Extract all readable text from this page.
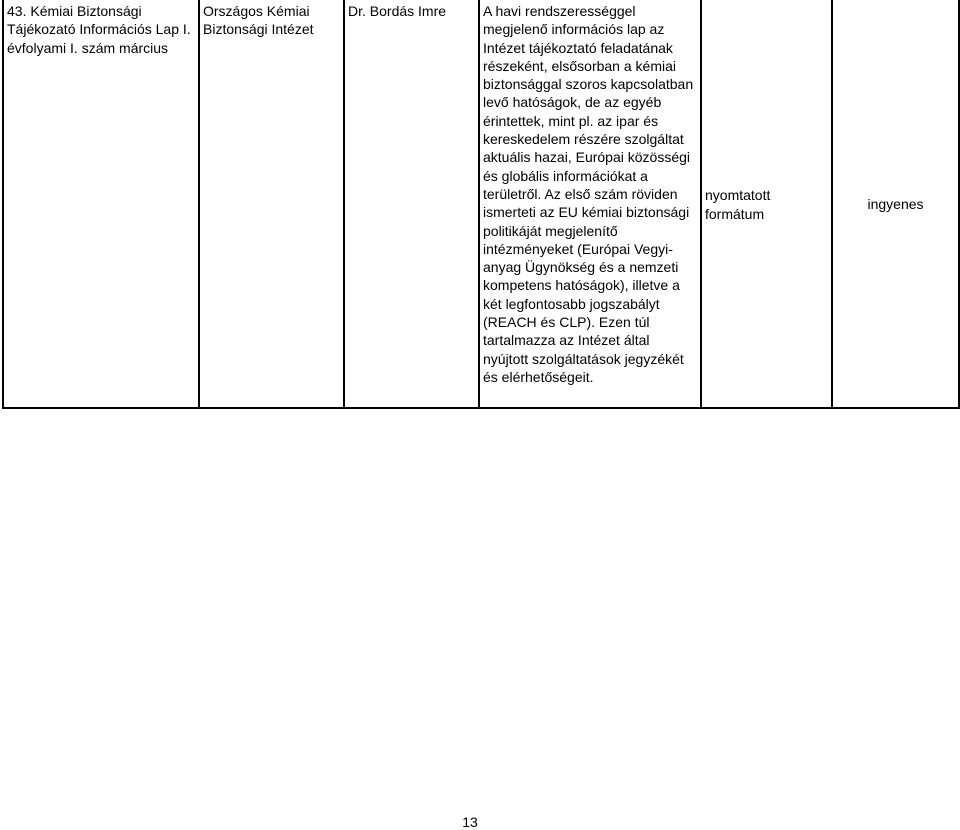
43. Kémiai Biztonsági Tájékozató Információs Lap I. évfolyami I. szám március	Országos Kémiai Biztonsági Intézet	Dr. Bordás Imre	A havi rendszerességgel megjelenő információs lap az Intézet tájékoztató feladatának részeként, elsősorban a kémiai biztonsággal szoros kapcsolatban levő hatóságok, de az egyéb érintettek, mint pl. az ipar és kereskedelem részére szolgáltat aktuális hazai, Európai közösségi és globális információkat a területről. Az első szám röviden ismerteti az EU kémiai biztonsági politikáját megjelenítő intézményeket (Európai Vegyi-anyag Ügynökség és a nemzeti kompetens hatóságok), illetve a két legfontosabb jogszabályt (REACH és CLP). Ezen túl tartalmazza az Intézet által nyújtott szolgáltatások jegyzékét és elérhetőségeit.	nyomtatott formátum	ingyenes
13
